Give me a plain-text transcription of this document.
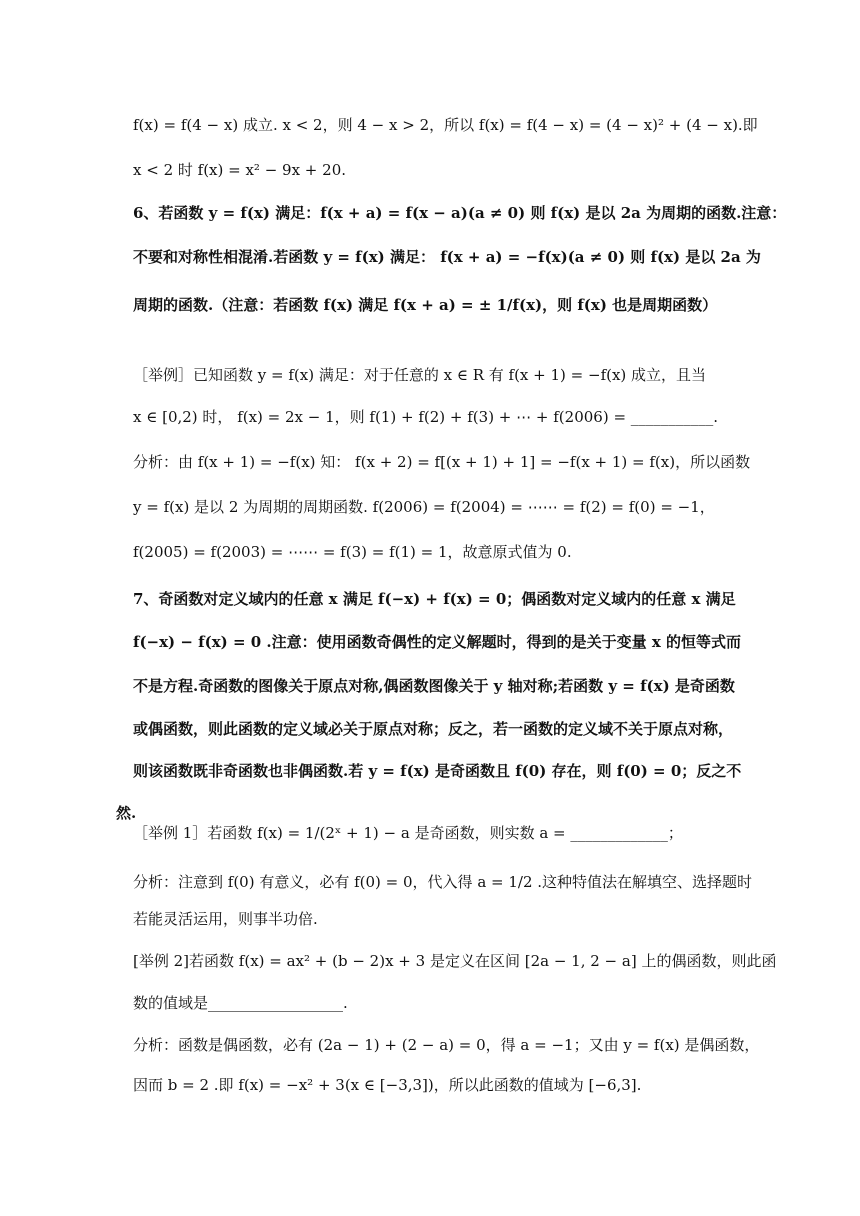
f(x) = f(4 − x) 成立. x < 2，则 4 − x > 2，所以 f(x) = f(4 − x) = (4 − x)² + (4 − x).即
x < 2 时 f(x) = x² − 9x + 20.
6、若函数 y = f(x) 满足：f(x + a) = f(x − a)(a ≠ 0) 则 f(x) 是以 2a 为周期的函数.注意：
不要和对称性相混淆.若函数 y = f(x) 满足： f(x + a) = −f(x)(a ≠ 0) 则 f(x) 是以 2a 为
周期的函数.（注意：若函数 f(x) 满足 f(x + a) = ± 1/f(x)，则 f(x) 也是周期函数）
［举例］已知函数 y = f(x) 满足：对于任意的 x ∈ R 有 f(x + 1) = −f(x) 成立，且当
x ∈ [0,2) 时， f(x) = 2x − 1，则 f(1) + f(2) + f(3) + ⋯ + f(2006) = ___________.
分析：由 f(x + 1) = −f(x) 知： f(x + 2) = f[(x + 1) + 1] = −f(x + 1) = f(x)，所以函数
y = f(x) 是以 2 为周期的周期函数. f(2006) = f(2004) = ⋯⋯ = f(2) = f(0) = −1，
f(2005) = f(2003) = ⋯⋯ = f(3) = f(1) = 1，故意原式值为 0.
7、奇函数对定义域内的任意 x 满足 f(−x) + f(x) = 0；偶函数对定义域内的任意 x 满足
f(−x) − f(x) = 0 .注意：使用函数奇偶性的定义解题时，得到的是关于变量 x 的恒等式而
不是方程.奇函数的图像关于原点对称,偶函数图像关于 y 轴对称;若函数 y = f(x) 是奇函数
或偶函数，则此函数的定义域必关于原点对称；反之，若一函数的定义域不关于原点对称，
则该函数既非奇函数也非偶函数.若 y = f(x) 是奇函数且 f(0) 存在，则 f(0) = 0；反之不
然.
［举例 1］若函数 f(x) = 1/(2ˣ + 1) − a 是奇函数，则实数 a = _____________；
分析：注意到 f(0) 有意义，必有 f(0) = 0，代入得 a = 1/2 .这种特值法在解填空、选择题时
若能灵活运用，则事半功倍.
[举例 2]若函数 f(x) = ax² + (b − 2)x + 3 是定义在区间 [2a − 1, 2 − a] 上的偶函数，则此函
数的值域是__________________.
分析：函数是偶函数，必有 (2a − 1) + (2 − a) = 0，得 a = −1；又由 y = f(x) 是偶函数，
因而 b = 2 .即 f(x) = −x² + 3(x ∈ [−3,3])，所以此函数的值域为 [−6,3].
